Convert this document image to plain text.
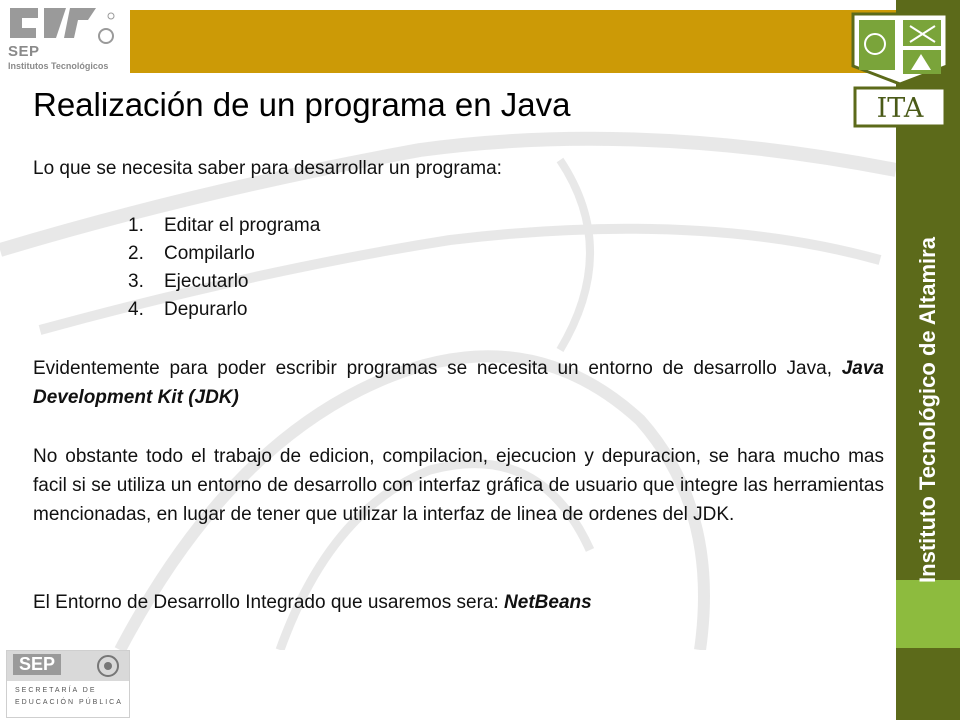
SEP
Institutos Tecnológicos
ITA
Instituto Tecnológico de Altamira
Realización de un programa en Java

Lo que se necesita saber para desarrollar un programa:

1. Editar el programa
2. Compilarlo
3. Ejecutarlo
4. Depurarlo

Evidentemente para poder escribir programas se necesita un entorno de desarrollo Java, Java Development Kit (JDK)

No obstante todo el trabajo de edicion, compilacion, ejecucion y depuracion, se hara mucho mas facil si se utiliza un entorno de desarrollo con interfaz gráfica de usuario que integre las herramientas mencionadas, en lugar de tener que utilizar la interfaz de linea de ordenes del JDK.

El Entorno de Desarrollo Integrado que usaremos sera: NetBeans

SEP
SECRETARÍA DE
EDUCACIÓN PÚBLICA
